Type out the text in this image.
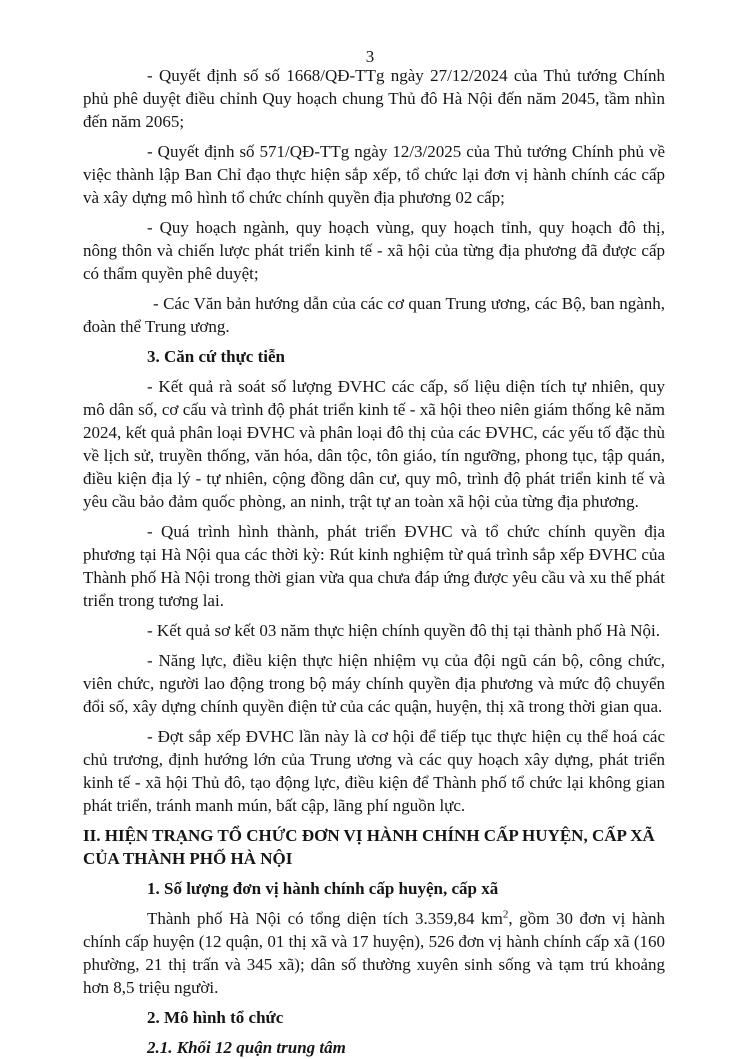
3

- Quyết định số số 1668/QĐ-TTg ngày 27/12/2024 của Thủ tướng Chính phủ phê duyệt điều chỉnh Quy hoạch chung Thủ đô Hà Nội đến năm 2045, tầm nhìn đến năm 2065;

- Quyết định số 571/QĐ-TTg ngày 12/3/2025 của Thủ tướng Chính phủ về việc thành lập Ban Chỉ đạo thực hiện sắp xếp, tổ chức lại đơn vị hành chính các cấp và xây dựng mô hình tổ chức chính quyền địa phương 02 cấp;

- Quy hoạch ngành, quy hoạch vùng, quy hoạch tỉnh, quy hoạch đô thị, nông thôn và chiến lược phát triển kinh tế - xã hội của từng địa phương đã được cấp có thẩm quyền phê duyệt;

- Các Văn bản hướng dẫn của các cơ quan Trung ương, các Bộ, ban ngành, đoàn thể Trung ương.

3. Căn cứ thực tiễn

- Kết quả rà soát số lượng ĐVHC các cấp, số liệu diện tích tự nhiên, quy mô dân số, cơ cấu và trình độ phát triển kinh tế - xã hội theo niên giám thống kê năm 2024, kết quả phân loại ĐVHC và phân loại đô thị của các ĐVHC, các yếu tố đặc thù về lịch sử, truyền thống, văn hóa, dân tộc, tôn giáo, tín ngưỡng, phong tục, tập quán, điều kiện địa lý - tự nhiên, cộng đồng dân cư, quy mô, trình độ phát triển kinh tế và yêu cầu bảo đảm quốc phòng, an ninh, trật tự an toàn xã hội của từng địa phương.

- Quá trình hình thành, phát triển ĐVHC và tổ chức chính quyền địa phương tại Hà Nội qua các thời kỳ: Rút kinh nghiệm từ quá trình sắp xếp ĐVHC của Thành phố Hà Nội trong thời gian vừa qua chưa đáp ứng được yêu cầu và xu thế phát triển trong tương lai.

- Kết quả sơ kết 03 năm thực hiện chính quyền đô thị tại thành phố Hà Nội.

- Năng lực, điều kiện thực hiện nhiệm vụ của đội ngũ cán bộ, công chức, viên chức, người lao động trong bộ máy chính quyền địa phương và mức độ chuyển đổi số, xây dựng chính quyền điện tử của các quận, huyện, thị xã trong thời gian qua.

- Đợt sắp xếp ĐVHC lần này là cơ hội để tiếp tục thực hiện cụ thể hoá các chủ trương, định hướng lớn của Trung ương và các quy hoạch xây dựng, phát triển kinh tế - xã hội Thủ đô, tạo động lực, điều kiện để Thành phố tổ chức lại không gian phát triển, tránh manh mún, bất cập, lãng phí nguồn lực.

II. HIỆN TRẠNG TỔ CHỨC ĐƠN VỊ HÀNH CHÍNH CẤP HUYỆN, CẤP XÃ CỦA THÀNH PHỐ HÀ NỘI
1. Số lượng đơn vị hành chính cấp huyện, cấp xã

Thành phố Hà Nội có tổng diện tích 3.359,84 $km^2$, gồm 30 đơn vị hành chính cấp huyện (12 quận, 01 thị xã và 17 huyện), 526 đơn vị hành chính cấp xã (160 phường, 21 thị trấn và 345 xã); dân số thường xuyên sinh sống và tạm trú khoảng hơn 8,5 triệu người.

2. Mô hình tổ chức
2.1. Khối 12 quận trung tâm
